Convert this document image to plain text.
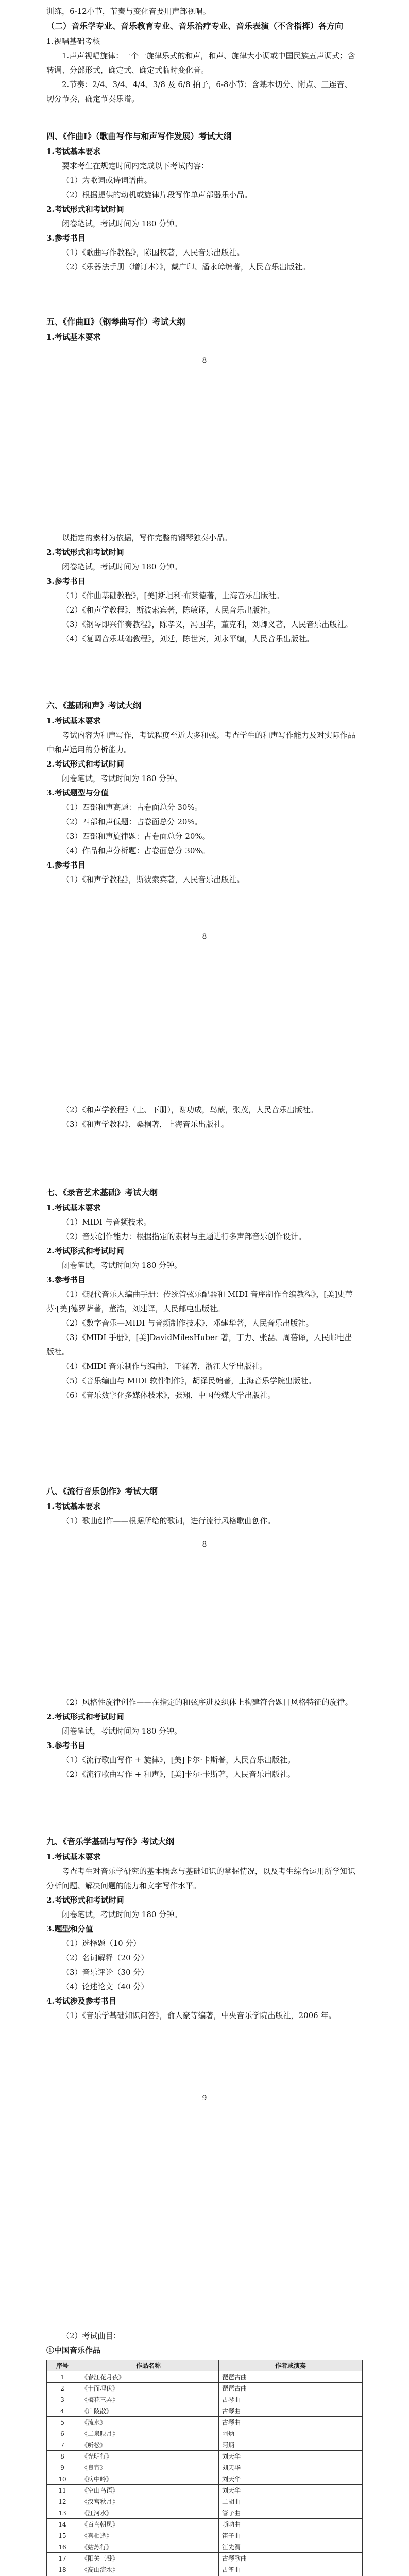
训练，6-12小节，节奏与变化音要用声部视唱。

（二）音乐学专业、音乐教育专业、音乐治疗专业、音乐表演（不含指挥）各方向

1.视唱基础考核

1.声声视唱旋律：一个一旋律乐式的和声，和声、旋律大小调或中国民族五声调式；含转调、分部形式，确定式、确定式临时变化音。

2.节奏：2/4、3/4、4/4、3/8 及 6/8 拍子，6-8小节；含基本切分、附点、三连音、切分节奏，确定节奏乐谱。

四、《作曲Ⅰ》（歌曲写作与和声写作发展）考试大纲

1.考试基本要求

要求考生在规定时间内完成以下考试内容：

（1）为歌词或诗词谱曲。

（2）根据提供的动机或旋律片段写作单声部器乐小品。

2.考试形式和考试时间

闭卷笔试，考试时间为 180 分钟。

3.参考书目

（1）《歌曲写作教程》，陈国权著，人民音乐出版社。

（2）《乐器法手册（增订本）》，戴广印、潘永璋编著，人民音乐出版社。

五、《作曲Ⅱ》（钢琴曲写作）考试大纲

1.考试基本要求

8

以指定的素材为依据，写作完整的钢琴独奏小品。

2.考试形式和考试时间

闭卷笔试，考试时间为 180 分钟。

3.参考书目

（1）《作曲基础教程》，[美]斯坦利·布莱德著，上海音乐出版社。

（2）《和声学教程》，斯波索宾著，陈敏译，人民音乐出版社。

（3）《钢琴即兴伴奏教程》，陈孝义，冯国华，董克利，刘卿义著，人民音乐出版社。

（4）《复调音乐基础教程》，刘廷，陈世宾，刘永平编，人民音乐出版社。

六、《基础和声》考试大纲

1.考试基本要求

考试内容为和声写作，考试程度至近大多和弦。考查学生的和声写作能力及对实际作品中和声运用的分析能力。

2.考试形式和考试时间

闭卷笔试，考试时间为 180 分钟。

3.考试题型与分值

（1）四部和声高题：占卷面总分 30%。

（2）四部和声低题：占卷面总分 20%。

（3）四部和声旋律题：占卷面总分 20%。

（4）作品和声分析题：占卷面总分 30%。

4.参考书目

（1）《和声学教程》，斯波索宾著，人民音乐出版社。

8

（2）《和声学教程》（上、下册），谢功成，鸟蒙，张茂，人民音乐出版社。

（3）《和声学教程》，桑桐著，上海音乐出版社。

七、《录音艺术基础》考试大纲

1.考试基本要求

（1）MIDI 与音频技术。

（2）音乐创作能力：根据指定的素材与主题进行多声部音乐创作设计。

2.考试形式和考试时间

闭卷笔试，考试时间为 180 分钟。

3.参考书目

（1）《现代音乐人编曲手册：传统管弦乐配器和 MIDI 音序制作合编教程》，[美]史蒂芬·[美]德罗萨著，董浩，刘建译，人民邮电出版社。

（2）《数字音乐—MIDI 与音频制作技术》，邓建华著，人民音乐出版社。

（3）《MIDI 手册》，[美]DavidMilesHuber 著，丁力、张磊、周蓓译，人民邮电出版社。

（4）《MIDI 音乐制作与编曲》，王涌著，浙江大学出版社。

（5）《音乐编曲与 MIDI 软件制作》，胡泽民编著，上海音乐学院出版社。

（6）《音乐数字化多媒体技术》，张翔，中国传媒大学出版社。

八、《流行音乐创作》考试大纲

1.考试基本要求

（1）歌曲创作——根据所给的歌词，进行流行风格歌曲创作。

8

（2）风格性旋律创作——在指定的和弦序进及织体上构建符合题目风格特征的旋律。

2.考试形式和考试时间

闭卷笔试，考试时间为 180 分钟。

3.参考书目

（1）《流行歌曲写作 + 旋律》，[美]卡尔·卡斯著，人民音乐出版社。

（2）《流行歌曲写作 + 和声》，[美]卡尔·卡斯著，人民音乐出版社。

九、《音乐学基础与写作》考试大纲

1.考试基本要求

考查考生对音乐学研究的基本概念与基础知识的掌握情况，以及考生综合运用所学知识分析问题、解决问题的能力和文字写作水平。

2.考试形式和考试时间

闭卷笔试，考试时间为 180 分钟。

3.题型和分值

（1）选择题（10 分）

（2）名词解释（20 分）

（3）音乐评论（30 分）

（4）论述论文（40 分）

4.考试涉及参考书目

（1）《音乐学基础知识问答》，俞人豪等编著，中央音乐学院出版社，2006 年。

9

（2）考试曲目：

①中国音乐作品

序号	作品名称	作者或演奏
1	《春江花月夜》	琵琶古曲
2	《十面埋伏》	琵琶古曲
3	《梅花三弄》	古琴曲
4	《广陵散》	古琴曲
5	《流水》	古琴曲
6	《二泉映月》	阿炳
7	《听松》	阿炳
8	《光明行》	刘天华
9	《良宵》	刘天华
10	《病中吟》	刘天华
11	《空山鸟语》	刘天华
12	《汉宫秋月》	二胡曲
13	《江河水》	管子曲
14	《百鸟朝凤》	唢呐曲
15	《喜相逢》	笛子曲
16	《姑苏行》	江先渭
17	《阳关三叠》	古琴歌曲
18	《高山流水》	古筝曲
